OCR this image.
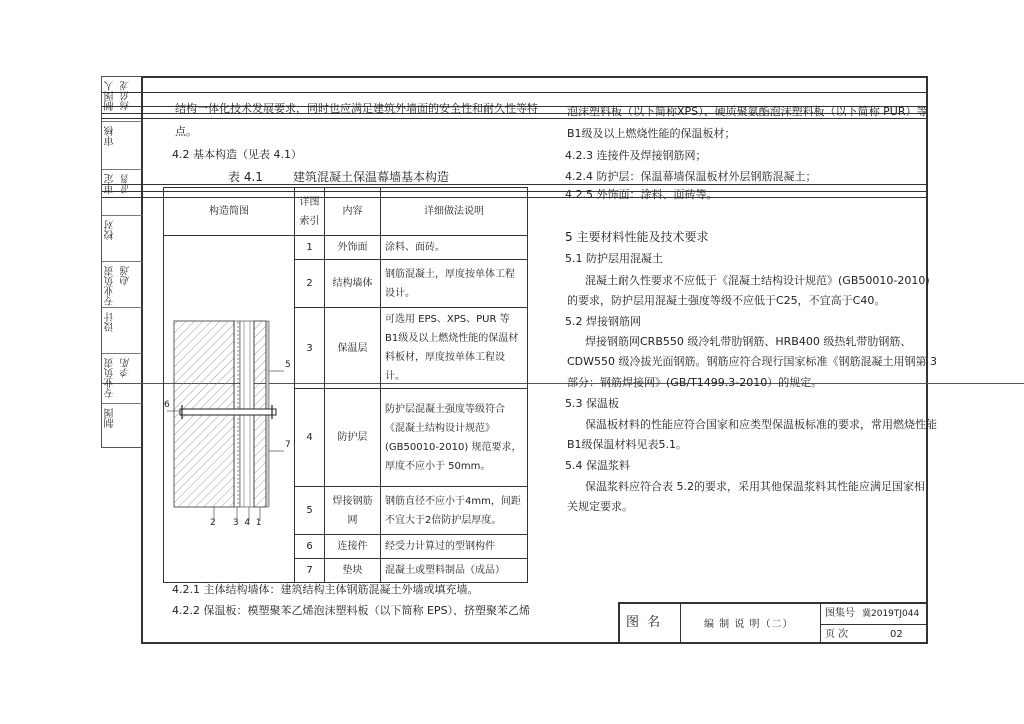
制图人 杨依龙
审核
审定 高智
校对
专业负责 赵逸
设计
专业负责 李阳
制图
结构一体化技术发展要求，同时也应满足建筑外墙面的安全性和耐久性等特
点。
4.2 基本构造（见表 4.1）
表 4.1	建筑混凝土保温幕墙基本构造
构造简图	详图索引	内容	详细做法说明

5
6
7
2      3  4  1	1	外饰面	涂料、面砖。
	2	结构墙体	钢筋混凝土，厚度按单体工程设计。
	3	保温层	可选用 EPS、XPS、PUR 等 B1级及以上燃烧性能的保温材料板材，厚度按单体工程设计。
	4	防护层	防护层混凝土强度等级符合《混凝土结构设计规范》(GB50010-2010) 规范要求，厚度不应小于 50mm。
	5	焊接钢筋网	钢筋直径不应小于4mm，间距不宜大于2倍防护层厚度。
	6	连接件	经受力计算过的型钢构件
	7	垫块	混凝土或塑料制品（成品）
4.2.1 主体结构墙体：建筑结构主体钢筋混凝土外墙或填充墙。
4.2.2 保温板：模塑聚苯乙烯泡沫塑料板（以下简称 EPS）、挤塑聚苯乙烯
泡沫塑料板（以下简称XPS）、硬质聚氨酯泡沫塑料板（以下简称 PUR）等
B1级及以上燃烧性能的保温板材；
4.2.3 连接件及焊接钢筋网；
4.2.4 防护层：保温幕墙保温板材外层钢筋混凝土；
4.2.5 外饰面：涂料、面砖等。
5 主要材料性能及技术要求
5.1 防护层用混凝土
混凝土耐久性要求不应低于《混凝土结构设计规范》(GB50010-2010)
的要求，防护层用混凝土强度等级不应低于C25，不宜高于C40。
5.2 焊接钢筋网
焊接钢筋网CRB550 级冷轧带肋钢筋、HRB400 级热轧带肋钢筋、
CDW550 级冷拔光面钢筋。钢筋应符合现行国家标准《钢筋混凝土用钢第 3
部分：钢筋焊接网》(GB/T1499.3-2010）的规定。
5.3 保温板
保温板材料的性能应符合国家和应类型保温板标准的要求，常用燃烧性能
B1级保温材料见表5.1。
5.4 保温浆料
保温浆料应符合表 5.2的要求，采用其他保温浆料其性能应满足国家相
关规定要求。
图 名	编 制 说 明（二）
图集号 冀2019TJ044
页 次	02
